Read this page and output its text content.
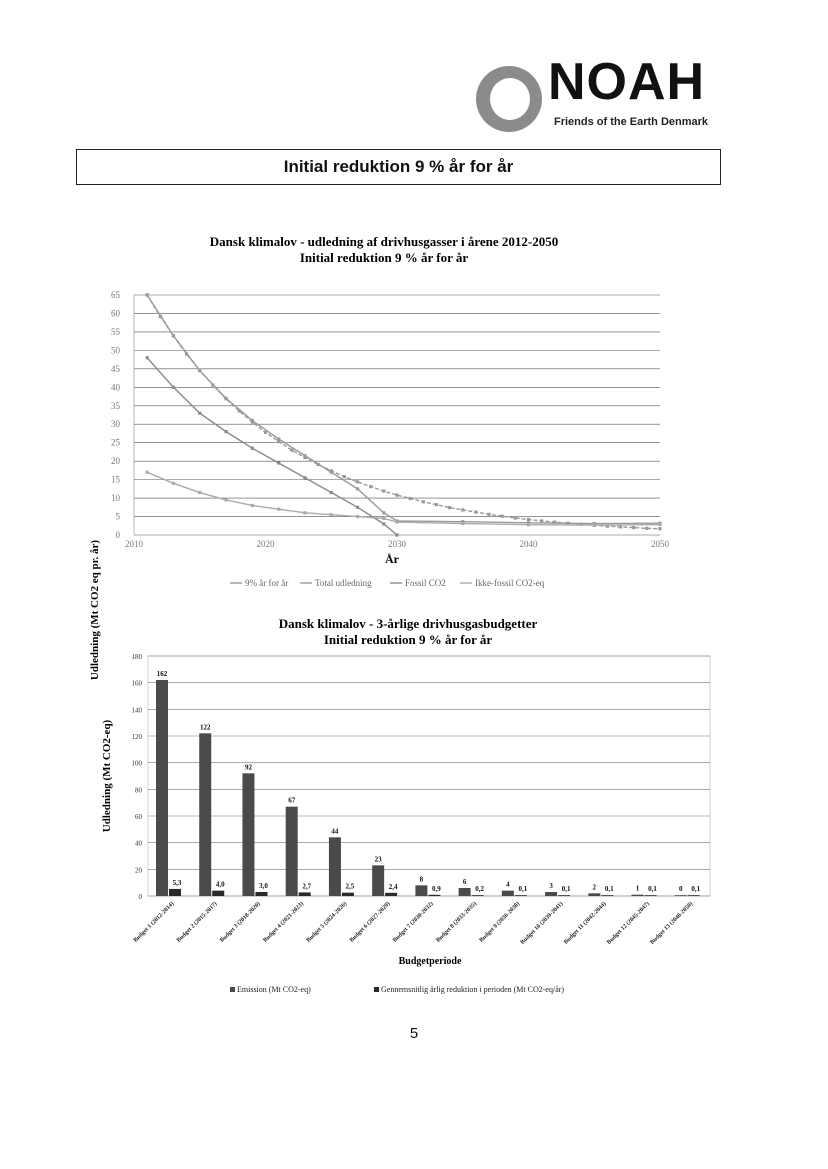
NOAH
Friends of the Earth Denmark
Initial reduktion 9 % år for år
Dansk klimalov - udledning af drivhusgasser i årene 2012-2050
Initial reduktion 9 % år for år
0
5
10
15
20
25
30
35
40
45
50
55
60
65
2010	2020	2030	2040	2050
Udledning (Mt CO2 eq pr. år)	År
9% år for år	Total udledning	Fossil CO2	Ikke-fossil CO2-eq
Dansk klimalov - 3-årlige drivhusgasbudgetter
Initial reduktion 9 % år for år
0
20
40
60
80
100
120
140
160
180
162
5,3
122
4,0
92
3,0
67
2,7
44
2,5
23
2,4
8
0,9
6
0,2
4
0,1	3 0,1	2 0,1	1 0,1	0 0,1
Budget 1 (2012-2014) Budget 2 (2015-2017) Budget 3 (2018-2020) Budget 4 (2021-2023) Budget 5 (2024-2026) Budget 6 (2027-2029) Budget 7 (2030-2032) Budget 8 (2033-2035) Budget 9 (2036-2038)
Budget 10 (2039-2041)
Budget 11 (2042-2044)
Budget 12 (2045-2047)
Budget 13 (2048-2050)
Udledning (Mt CO2-eq)
Budgetperiode
Emission (Mt CO2-eq)	Gennemsnitlig årlig reduktion i perioden (Mt CO2-eq/år)
5
